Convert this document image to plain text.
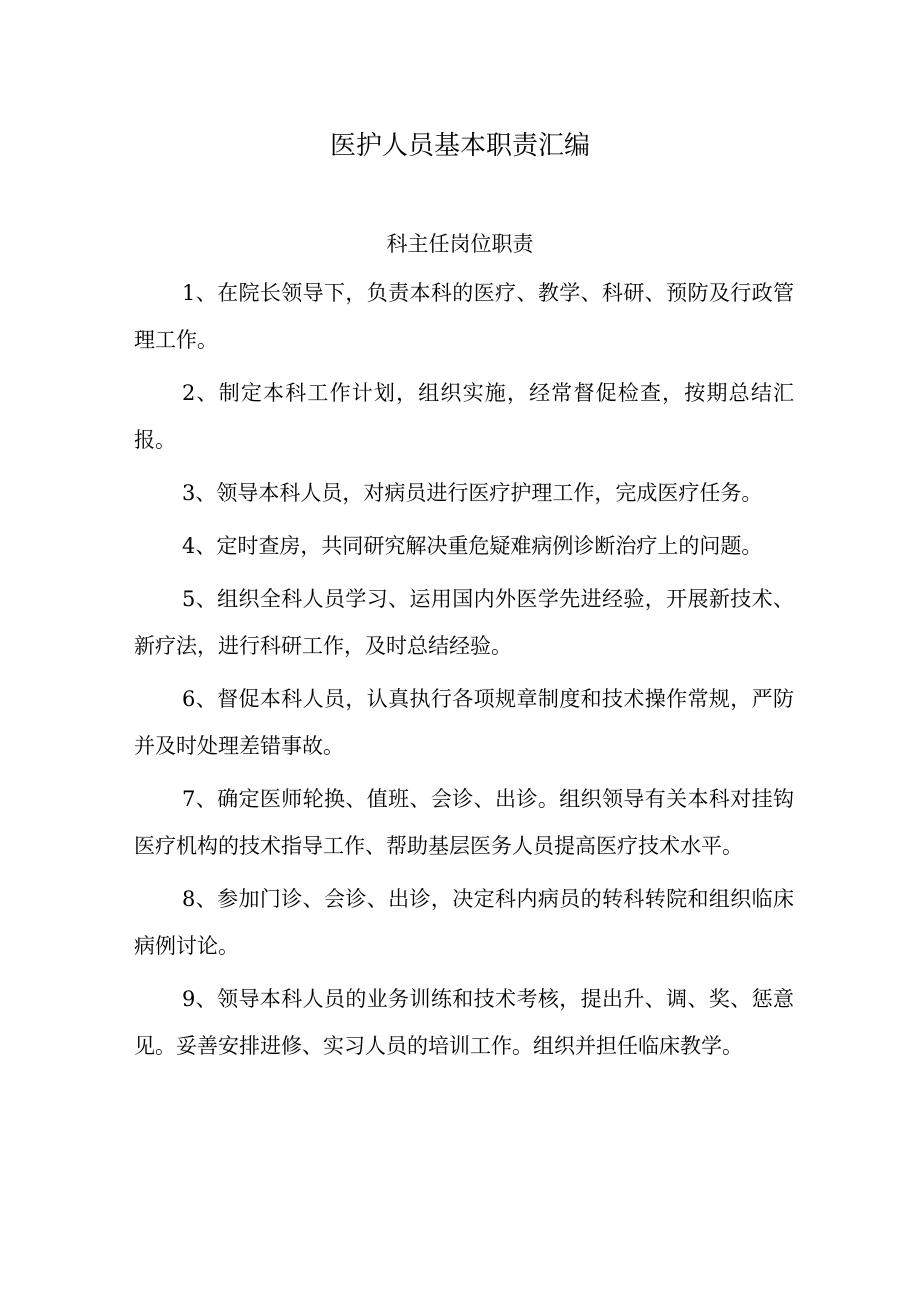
医护人员基本职责汇编
科主任岗位职责

1、在院长领导下，负责本科的医疗、教学、科研、预防及行政管理工作。

2、制定本科工作计划，组织实施，经常督促检查，按期总结汇报。

3、领导本科人员，对病员进行医疗护理工作，完成医疗任务。

4、定时查房，共同研究解决重危疑难病例诊断治疗上的问题。

5、组织全科人员学习、运用国内外医学先进经验，开展新技术、新疗法，进行科研工作，及时总结经验。

6、督促本科人员，认真执行各项规章制度和技术操作常规，严防并及时处理差错事故。

7、确定医师轮换、值班、会诊、出诊。组织领导有关本科对挂钩医疗机构的技术指导工作、帮助基层医务人员提高医疗技术水平。

8、参加门诊、会诊、出诊，决定科内病员的转科转院和组织临床病例讨论。

9、领导本科人员的业务训练和技术考核，提出升、调、奖、惩意见。妥善安排进修、实习人员的培训工作。组织并担任临床教学。
